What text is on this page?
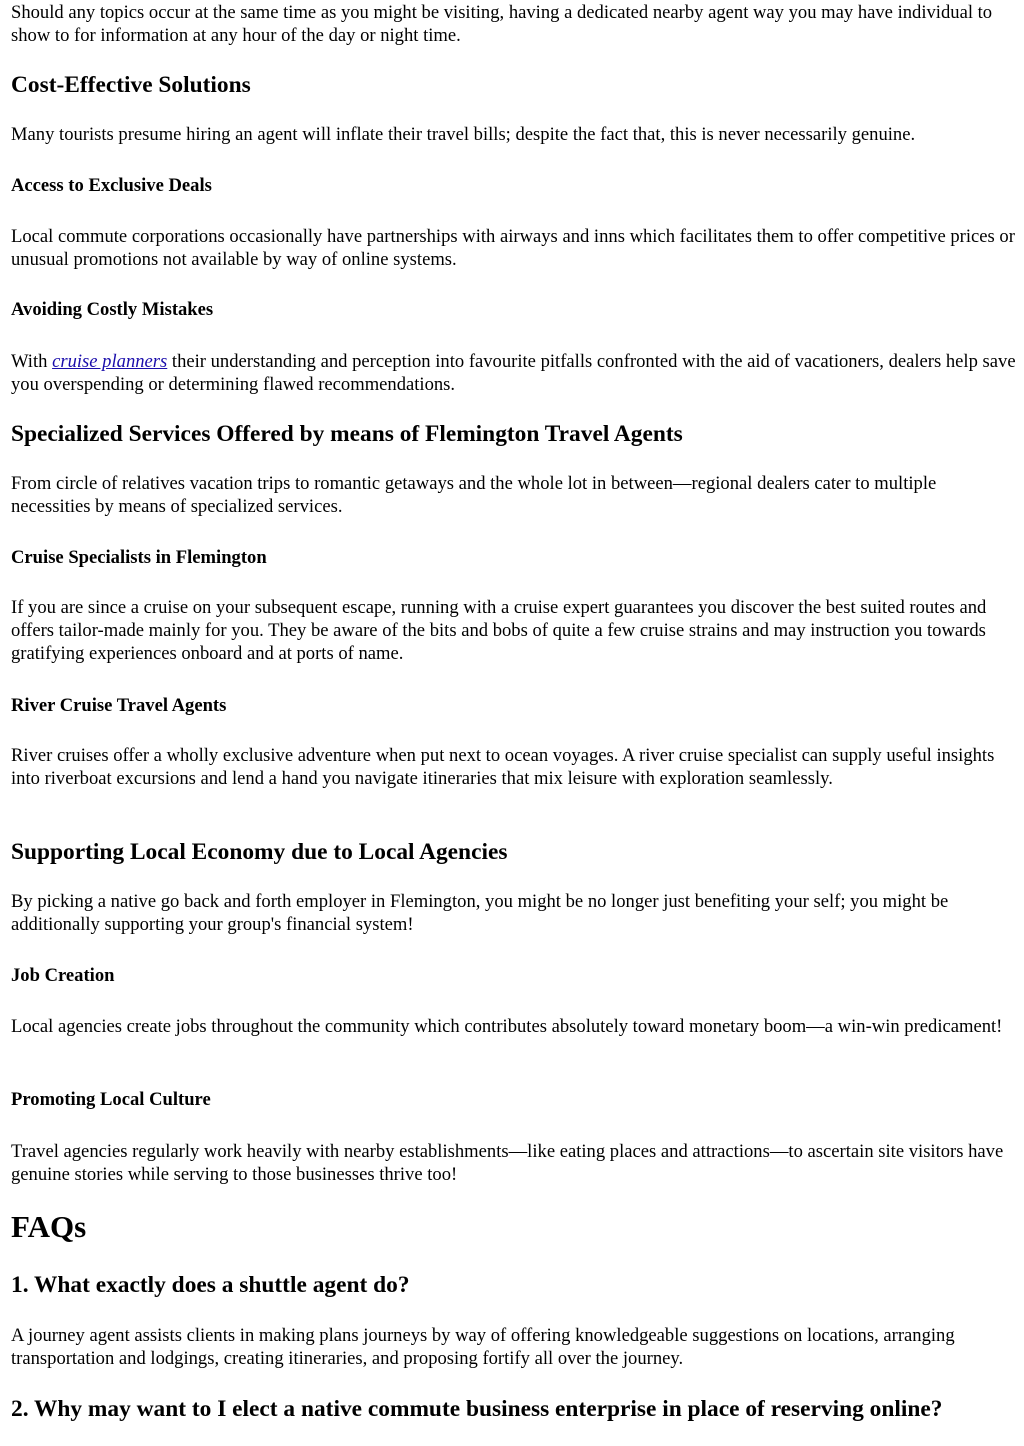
Should any topics occur at the same time as you might be visiting, having a dedicated nearby agent way you may have individual to show to for information at any hour of the day or night time.

Cost-Effective Solutions

Many tourists presume hiring an agent will inflate their travel bills; despite the fact that, this is never necessarily genuine.

Access to Exclusive Deals

Local commute corporations occasionally have partnerships with airways and inns which facilitates them to offer competitive prices or unusual promotions not available by way of online systems.

Avoiding Costly Mistakes

With cruise planners their understanding and perception into favourite pitfalls confronted with the aid of vacationers, dealers help save you overspending or determining flawed recommendations.

Specialized Services Offered by means of Flemington Travel Agents

From circle of relatives vacation trips to romantic getaways and the whole lot in between—regional dealers cater to multiple necessities by means of specialized services.

Cruise Specialists in Flemington

If you are since a cruise on your subsequent escape, running with a cruise expert guarantees you discover the best suited routes and offers tailor-made mainly for you. They be aware of the bits and bobs of quite a few cruise strains and may instruction you towards gratifying experiences onboard and at ports of name.

River Cruise Travel Agents

River cruises offer a wholly exclusive adventure when put next to ocean voyages. A river cruise specialist can supply useful insights into riverboat excursions and lend a hand you navigate itineraries that mix leisure with exploration seamlessly.

Supporting Local Economy due to Local Agencies

By picking a native go back and forth employer in Flemington, you might be no longer just benefiting your self; you might be additionally supporting your group's financial system!

Job Creation

Local agencies create jobs throughout the community which contributes absolutely toward monetary boom—a win-win predicament!

Promoting Local Culture

Travel agencies regularly work heavily with nearby establishments—like eating places and attractions—to ascertain site visitors have genuine stories while serving to those businesses thrive too!

FAQs
1. What exactly does a shuttle agent do?

A journey agent assists clients in making plans journeys by way of offering knowledgeable suggestions on locations, arranging transportation and lodgings, creating itineraries, and proposing fortify all over the journey.

2. Why may want to I elect a native commute business enterprise in place of reserving online?
